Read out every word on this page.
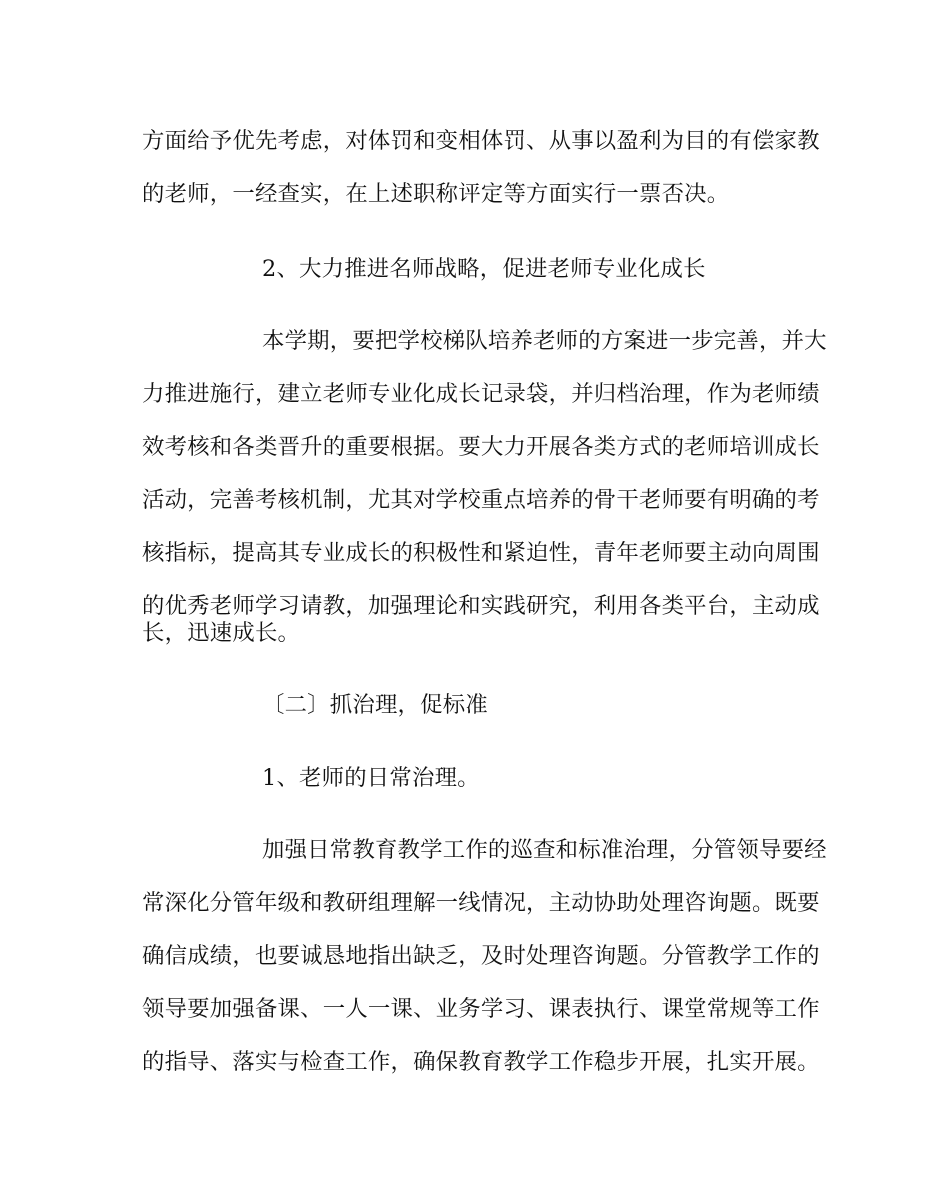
方面给予优先考虑，对体罚和变相体罚、从事以盈利为目的有偿家教
的老师，一经查实，在上述职称评定等方面实行一票否决。
2、大力推进名师战略，促进老师专业化成长
本学期，要把学校梯队培养老师的方案进一步完善，并大
力推进施行，建立老师专业化成长记录袋，并归档治理，作为老师绩
效考核和各类晋升的重要根据。要大力开展各类方式的老师培训成长
活动，完善考核机制，尤其对学校重点培养的骨干老师要有明确的考
核指标，提高其专业成长的积极性和紧迫性，青年老师要主动向周围
的优秀老师学习请教，加强理论和实践研究，利用各类平台，主动成
长，迅速成长。
〔二〕抓治理，促标准
1、老师的日常治理。
加强日常教育教学工作的巡查和标准治理，分管领导要经
常深化分管年级和教研组理解一线情况，主动协助处理咨询题。既要
确信成绩，也要诚恳地指出缺乏，及时处理咨询题。分管教学工作的
领导要加强备课、一人一课、业务学习、课表执行、课堂常规等工作
的指导、落实与检查工作，确保教育教学工作稳步开展，扎实开展。
